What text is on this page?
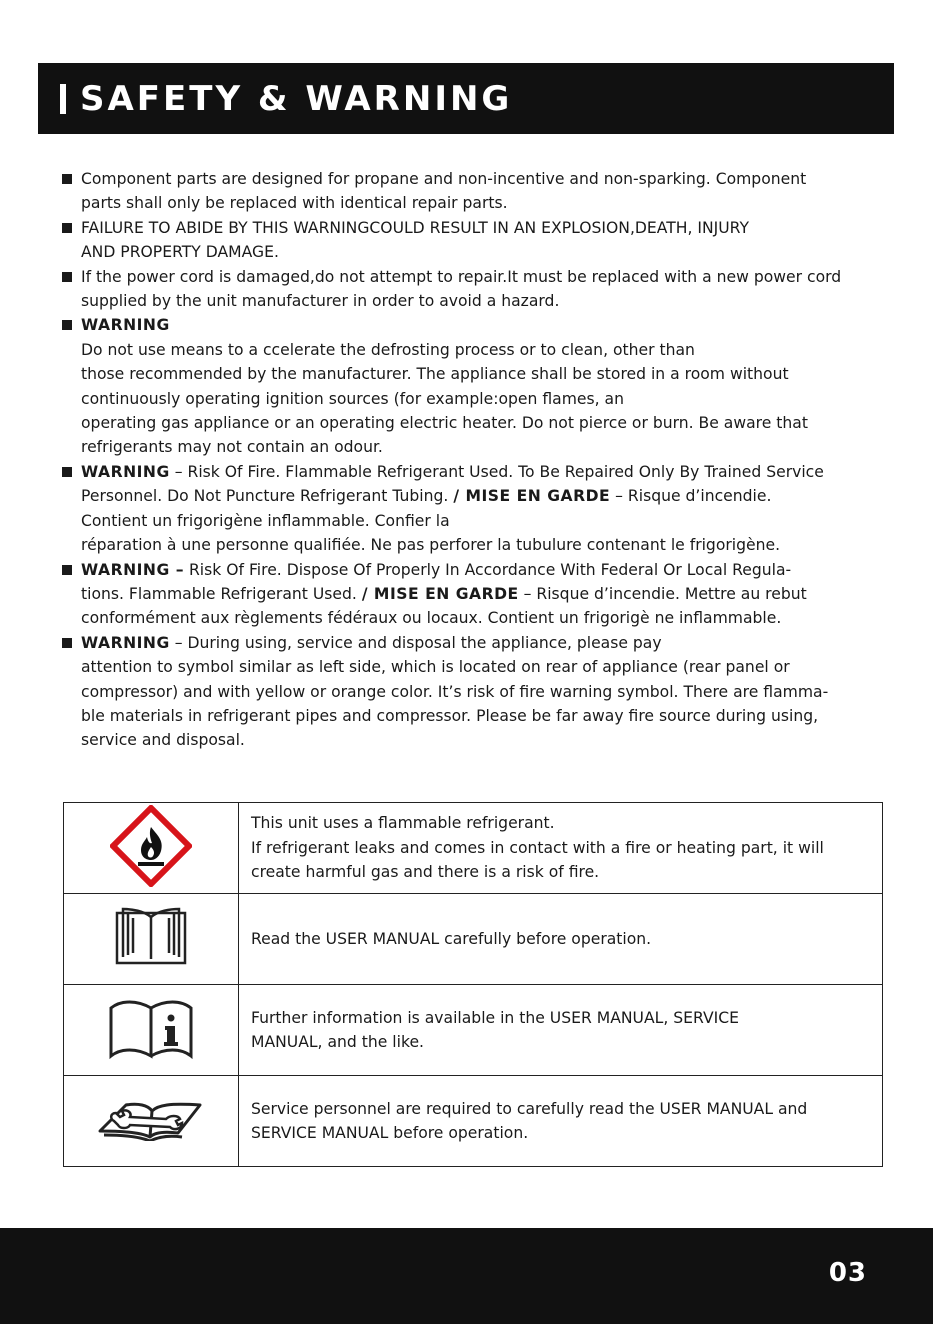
SAFETY & WARNING

Component parts are designed for propane and non-incentive and non-sparking. Component

parts shall only be replaced with identical repair parts.

FAILURE TO ABIDE BY THIS WARNINGCOULD RESULT IN AN EXPLOSION,DEATH, INJURY

AND PROPERTY DAMAGE.

If the power cord is damaged,do not attempt to repair.It must be replaced with a new power cord

supplied by the unit manufacturer in order to avoid a hazard.

WARNING

Do not use means to a ccelerate the defrosting process or to clean, other than

those recommended by the manufacturer. The appliance shall be stored in a room without

continuously operating ignition sources (for example:open flames, an

operating gas appliance or an operating electric heater. Do not pierce or burn. Be aware that

refrigerants may not contain an odour.

WARNING – Risk Of Fire. Flammable Refrigerant Used. To Be Repaired Only By Trained Service

Personnel. Do Not Puncture Refrigerant Tubing. / MISE EN GARDE – Risque d’incendie.

Contient un frigorigène inflammable. Confier la

réparation à une personne qualifiée. Ne pas perforer la tubulure contenant le frigorigène.

WARNING – Risk Of Fire. Dispose Of Properly In Accordance With Federal Or Local Regula-

tions. Flammable Refrigerant Used. / MISE EN GARDE – Risque d’incendie. Mettre au rebut

conformément aux règlements fédéraux ou locaux. Contient un frigorigè ne inflammable.

WARNING – During using, service and disposal the appliance, please pay

attention to symbol similar as left side, which is located on rear of appliance (rear panel or

compressor) and with yellow or orange color. It’s risk of fire warning symbol. There are flamma-

ble materials in refrigerant pipes and compressor. Please be far away fire source during using,

service and disposal.

This unit uses a flammable refrigerant.

If refrigerant leaks and comes in contact with a fire or heating part, it will

create harmful gas and there is a risk of fire.

Read the USER MANUAL carefully before operation.

Further information is available in the USER MANUAL, SERVICE

MANUAL, and the like.

Service personnel are required to carefully read the USER MANUAL and

SERVICE MANUAL before operation.

03
